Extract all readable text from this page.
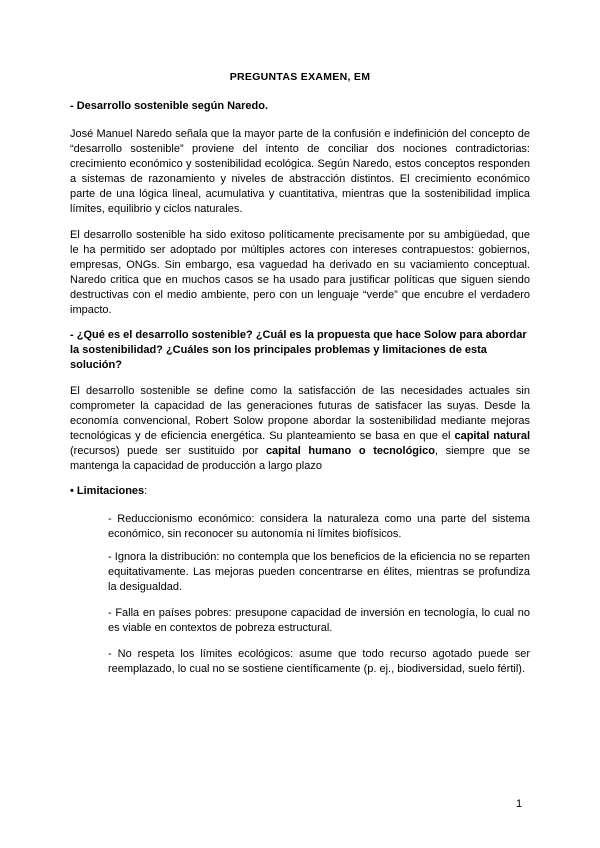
PREGUNTAS EXAMEN, EM
- Desarrollo sostenible según Naredo.

José Manuel Naredo señala que la mayor parte de la confusión e indefinición del concepto de “desarrollo sostenible” proviene del intento de conciliar dos nociones contradictorias: crecimiento económico y sostenibilidad ecológica. Según Naredo, estos conceptos responden a sistemas de razonamiento y niveles de abstracción distintos. El crecimiento económico parte de una lógica lineal, acumulativa y cuantitativa, mientras que la sostenibilidad implica límites, equilibrio y ciclos naturales.

El desarrollo sostenible ha sido exitoso políticamente precisamente por su ambigüedad, que le ha permitido ser adoptado por múltiples actores con intereses contrapuestos: gobiernos, empresas, ONGs. Sin embargo, esa vaguedad ha derivado en su vaciamiento conceptual. Naredo critica que en muchos casos se ha usado para justificar políticas que siguen siendo destructivas con el medio ambiente, pero con un lenguaje “verde” que encubre el verdadero impacto.

- ¿Qué es el desarrollo sostenible? ¿Cuál es la propuesta que hace Solow para abordar la sostenibilidad? ¿Cuáles son los principales problemas y limitaciones de esta solución?

El desarrollo sostenible se define como la satisfacción de las necesidades actuales sin comprometer la capacidad de las generaciones futuras de satisfacer las suyas. Desde la economía convencional, Robert Solow propone abordar la sostenibilidad mediante mejoras tecnológicas y de eficiencia energética. Su planteamiento se basa en que el capital natural (recursos) puede ser sustituido por capital humano o tecnológico, siempre que se mantenga la capacidad de producción a largo plazo

• Limitaciones:

- Reduccionismo económico: considera la naturaleza como una parte del sistema económico, sin reconocer su autonomía ni límites biofísicos.

- Ignora la distribución: no contempla que los beneficios de la eficiencia no se reparten equitativamente. Las mejoras pueden concentrarse en élites, mientras se profundiza la desigualdad.

- Falla en países pobres: presupone capacidad de inversión en tecnología, lo cual no es viable en contextos de pobreza estructural.

- No respeta los límites ecológicos: asume que todo recurso agotado puede ser reemplazado, lo cual no se sostiene científicamente (p. ej., biodiversidad, suelo fértil).

1
